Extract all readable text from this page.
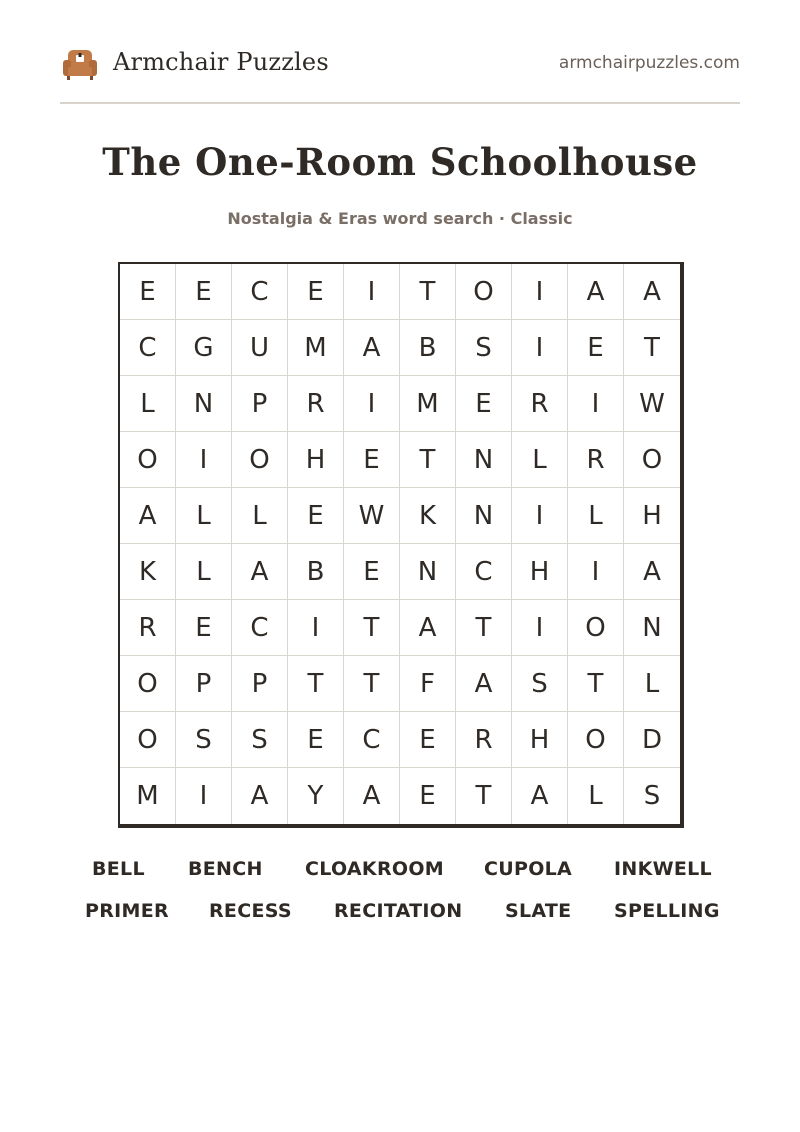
Armchair Puzzles	armchairpuzzles.com
The One-Room Schoolhouse
Nostalgia & Eras word search · Classic
E	E	C	E	I	T	O	I	A	A
C	G	U	M	A	B	S	I	E	T
L	N	P	R	I	M	E	R	I	W
O	I	O	H	E	T	N	L	R	O
A	L	L	E	W	K	N	I	L	H
K	L	A	B	E	N	C	H	I	A
R	E	C	I	T	A	T	I	O	N
O	P	P	T	T	F	A	S	T	L
O	S	S	E	C	E	R	H	O	D
M	I	A	Y	A	E	T	A	L	S
BELL BENCH CLOAKROOM CUPOLA INKWELL
PRIMER RECESS RECITATION SLATE SPELLING
